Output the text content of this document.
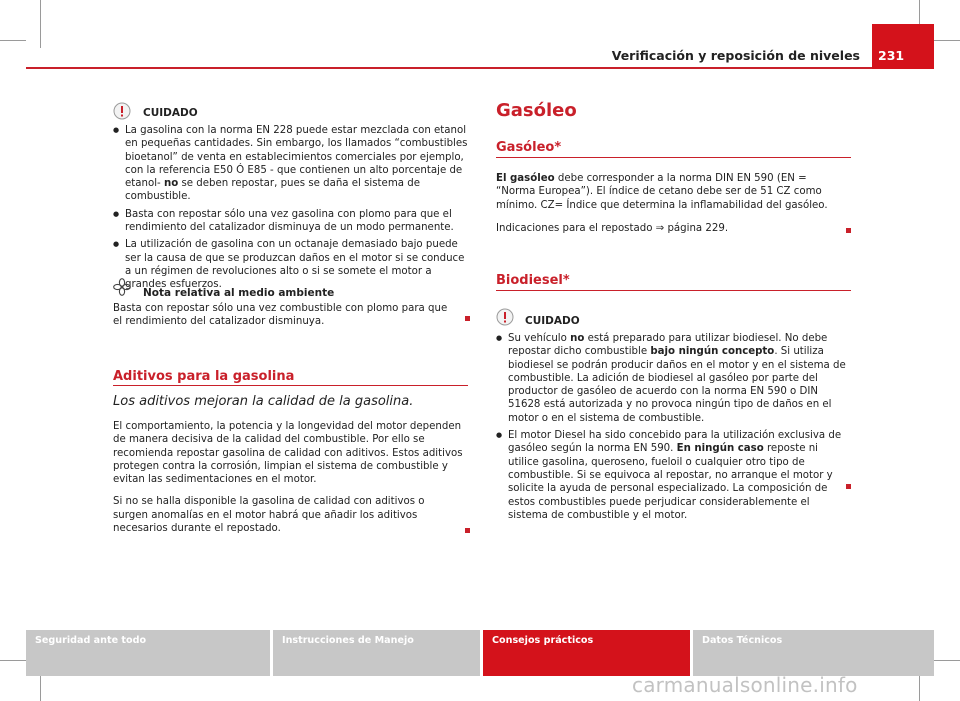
Verificación y reposición de niveles	231
CUIDADO

● La gasolina con la norma EN 228 puede estar mezclada con etanol en pequeñas cantidades. Sin embargo, los llamados “combustibles bioetanol” de venta en establecimientos comerciales por ejemplo, con la referencia E50 Ó E85 - que contienen un alto porcentaje de etanol- no se deben repostar, pues se daña el sistema de combustible.

● Basta con repostar sólo una vez gasolina con plomo para que el rendimiento del catalizador disminuya de un modo permanente.

● La utilización de gasolina con un octanaje demasiado bajo puede ser la causa de que se produzcan daños en el motor si se conduce a un régimen de revoluciones alto o si se somete el motor a grandes esfuerzos.

Nota relativa al medio ambiente
Basta con repostar sólo una vez combustible con plomo para que el rendimiento del catalizador disminuya.
Aditivos para la gasolina
Los aditivos mejoran la calidad de la gasolina.

El comportamiento, la potencia y la longevidad del motor dependen de manera decisiva de la calidad del combustible. Por ello se recomienda repostar gasolina de calidad con aditivos. Estos aditivos protegen contra la corrosión, limpian el sistema de combustible y evitan las sedimentaciones en el motor.

Si no se halla disponible la gasolina de calidad con aditivos o surgen anomalías en el motor habrá que añadir los aditivos necesarios durante el repostado.

Gasóleo
Gasóleo*

El gasóleo debe corresponder a la norma DIN EN 590 (EN = “Norma Europea”). El índice de cetano debe ser de 51 CZ como mínimo. CZ= Índice que determina la inflamabilidad del gasóleo.

Indicaciones para el repostado ⇒ página 229.

Biodiesel*
CUIDADO

● Su vehículo no está preparado para utilizar biodiesel. No debe repostar dicho combustible bajo ningún concepto. Si utiliza biodiesel se podrán producir daños en el motor y en el sistema de combustible. La adición de biodiesel al gasóleo por parte del productor de gasóleo de acuerdo con la norma EN 590 o DIN 51628 está autorizada y no provoca ningún tipo de daños en el motor o en el sistema de combustible.

● El motor Diesel ha sido concebido para la utilización exclusiva de gasóleo según la norma EN 590. En ningún caso reposte ni utilice gasolina, queroseno, fueloil o cualquier otro tipo de combustible. Si se equivoca al repostar, no arranque el motor y solicite la ayuda de personal especializado. La composición de estos combustibles puede perjudicar considerablemente el sistema de combustible y el motor.

Seguridad ante todo	Instrucciones de Manejo	Consejos prácticos	Datos Técnicos
carmanualsonline.info
